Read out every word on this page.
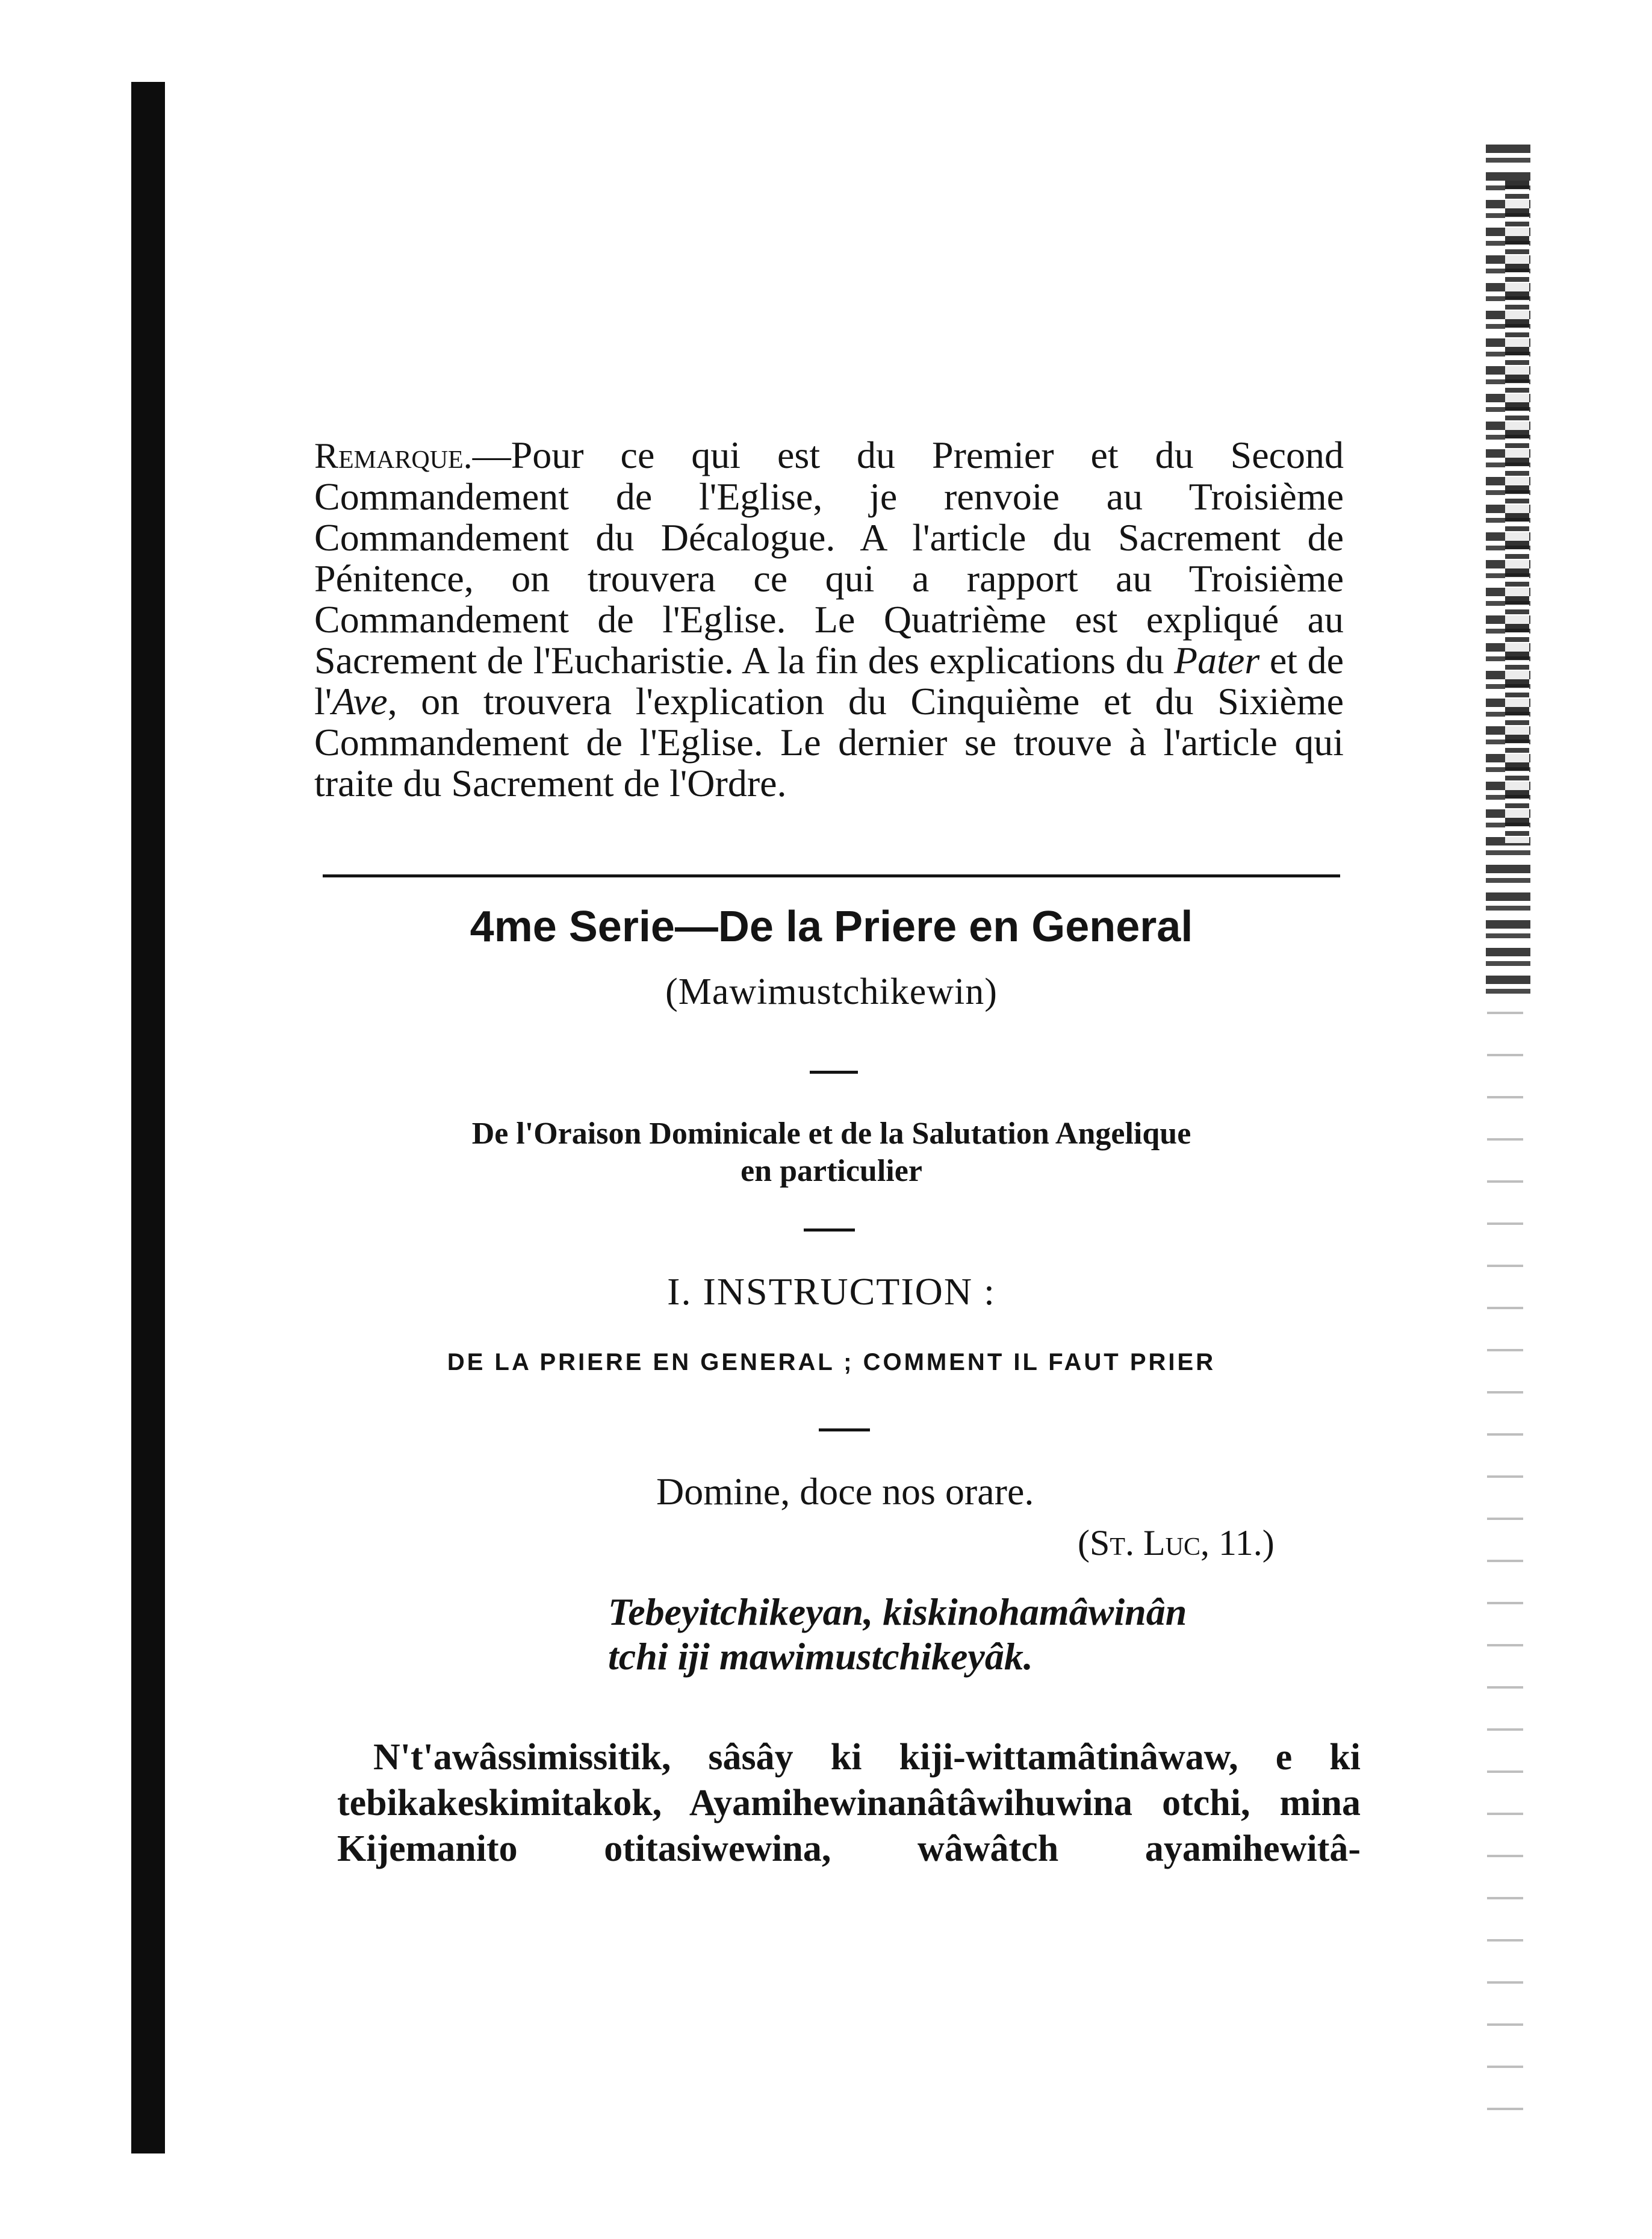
Remarque.—Pour ce qui est du Premier et du Second Commandement de l'Eglise, je renvoie au Troisième Commandement du Décalogue. A l'article du Sacrement de Pénitence, on trouvera ce qui a rapport au Troisième Commandement de l'Eglise. Le Quatrième est expliqué au Sacrement de l'Eucharistie. A la fin des explications du Pater et de l'Ave, on trouvera l'explication du Cinquième et du Sixième Commandement de l'Eglise. Le dernier se trouve à l'article qui traite du Sacrement de l'Ordre.
4me Serie—De la Priere en General
(Mawimustchikewin)
De l'Oraison Dominicale et de la Salutation Angelique
en particulier
I. INSTRUCTION :
DE LA PRIERE EN GENERAL ; COMMENT IL FAUT PRIER
Domine, doce nos orare.
(St. Luc, 11.)
Tebeyitchikeyan, kiskinohamâwinân
tchi iji mawimustchikeyâk.
N't'awâssimissitik, sâsây ki kiji-wittamâtinâwaw, e ki tebikakeskimitakok, Ayamihewinanâtâwihuwina otchi, mina Kijemanito otitasiwewina, wâwâtch ayamihewitâ-
